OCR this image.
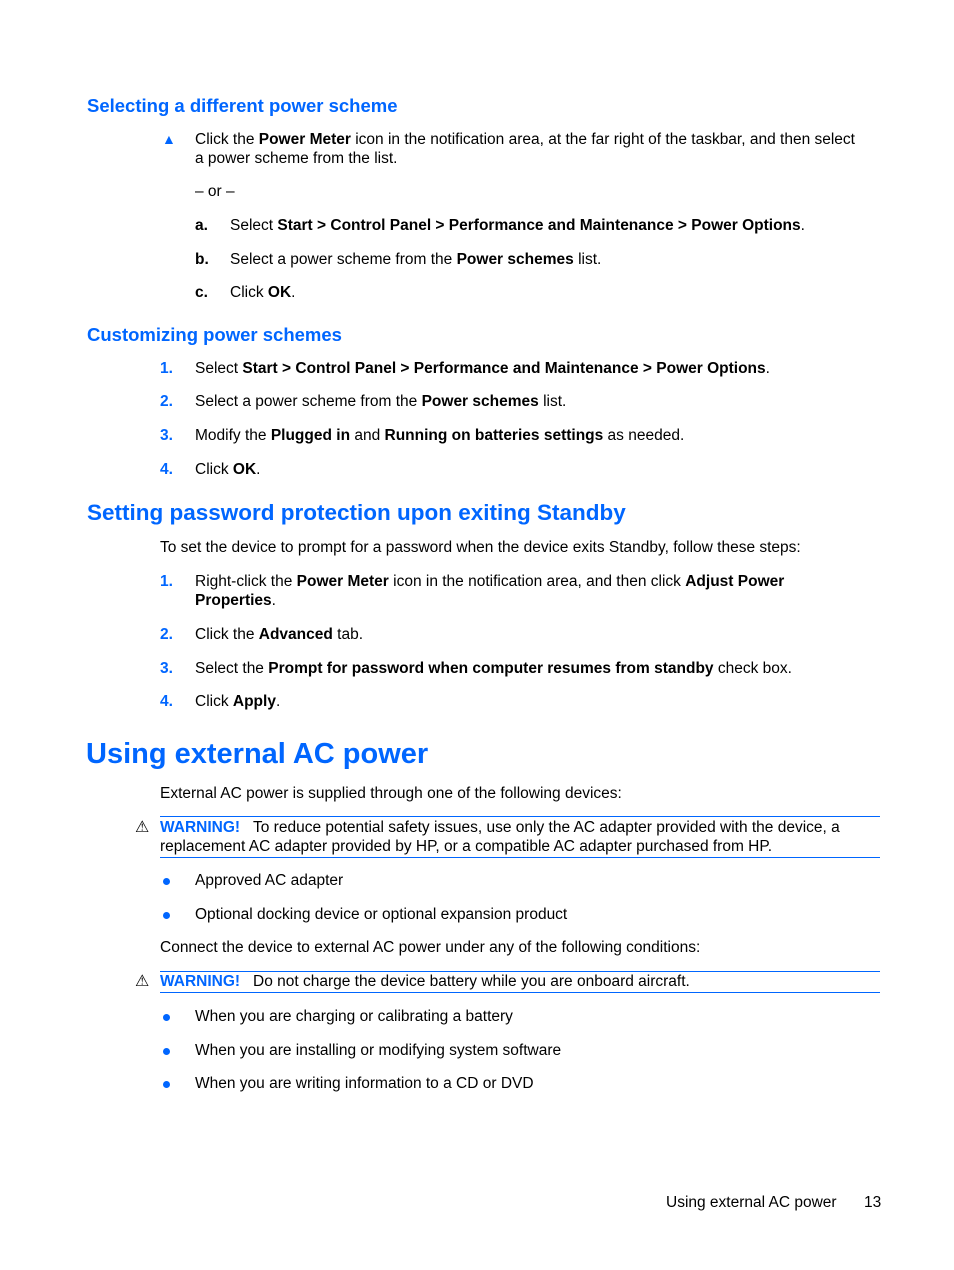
Selecting a different power scheme
▲ Click the Power Meter icon in the notification area, at the far right of the taskbar, and then select
a power scheme from the list.
– or –
a. Select Start > Control Panel > Performance and Maintenance > Power Options.
b. Select a power scheme from the Power schemes list.
c. Click OK.
Customizing power schemes
1. Select Start > Control Panel > Performance and Maintenance > Power Options.
2. Select a power scheme from the Power schemes list.
3. Modify the Plugged in and Running on batteries settings as needed.
4. Click OK.
Setting password protection upon exiting Standby
To set the device to prompt for a password when the device exits Standby, follow these steps:
1. Right-click the Power Meter icon in the notification area, and then click Adjust Power
Properties.
2. Click the Advanced tab.
3. Select the Prompt for password when computer resumes from standby check box.
4. Click Apply.
Using external AC power
External AC power is supplied through one of the following devices:
⚠ WARNING! To reduce potential safety issues, use only the AC adapter provided with the device, a
replacement AC adapter provided by HP, or a compatible AC adapter purchased from HP.
Approved AC adapter
Optional docking device or optional expansion product
Connect the device to external AC power under any of the following conditions:
⚠ WARNING! Do not charge the device battery while you are onboard aircraft.
When you are charging or calibrating a battery
When you are installing or modifying system software
When you are writing information to a CD or DVD
Using external AC power 13
